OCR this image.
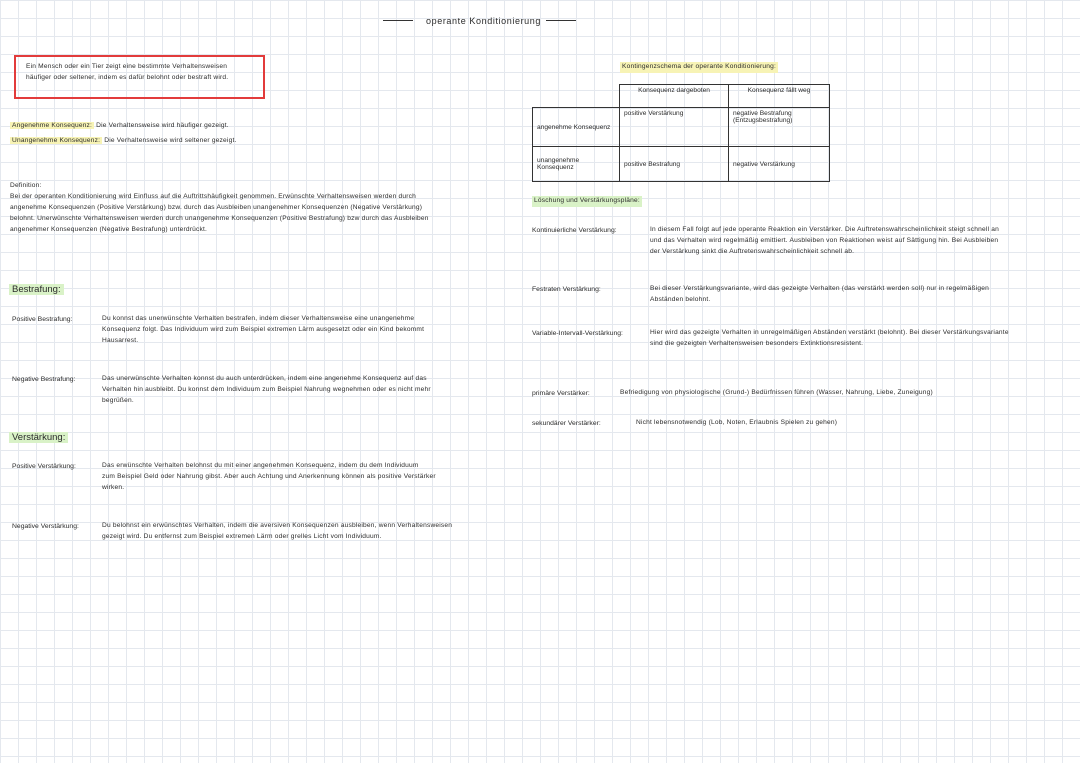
operante Konditionierung
Ein Mensch oder ein Tier zeigt eine bestimmte Verhaltensweisen
häufiger oder seltener, indem es dafür belohnt oder bestraft wird.
Angenehme Konsequenz: Die Verhaltensweise wird häufiger gezeigt.
Unangenehme Konsequenz: Die Verhaltensweise wird seltener gezeigt.
Definition:
Bei der operanten Konditionierung wird Einfluss auf die Auftrittshäufigkeit genommen. Erwünschte Verhaltensweisen werden durch
angenehme Konsequenzen (Positive Verstärkung) bzw. durch das Ausbleiben unangenehmer Konsequenzen (Negative Verstärkung)
belohnt. Unerwünschte Verhaltensweisen werden durch unangenehme Konsequenzen (Positive Bestrafung) bzw durch das Ausbleiben
angenehmer Konsequenzen (Negative Bestrafung) unterdrückt.
Bestrafung:
Positive Bestrafung:	Du konnst das unerwünschte Verhalten bestrafen, indem dieser Verhaltensweise eine unangenehme
Konsequenz folgt. Das Individuum wird zum Beispiel extremen Lärm ausgesetzt oder ein Kind bekommt
Hausarrest.
Negative Bestrafung:	Das unerwünschte Verhalten konnst du auch unterdrücken, indem eine angenehme Konsequenz auf das
Verhalten hin ausbleibt. Du konnst dem Individuum zum Beispiel Nahrung wegnehmen oder es nicht mehr
begrüßen.
Verstärkung:
Positive Verstärkung:	Das erwünschte Verhalten belohnst du mit einer angenehmen Konsequenz, indem du dem Individuum
zum Beispiel Geld oder Nahrung gibst. Aber auch Achtung und Anerkennung können als positive Verstärker
wirken.
Negative Verstärkung:	Du belohnst ein erwünschtes Verhalten, indem die aversiven Konsequenzen ausbleiben, wenn Verhaltensweisen
gezeigt wird. Du entfernst zum Beispiel extremen Lärm oder grelles Licht vom Individuum.
Kontingenzschema der operante Konditionierung:
	Konsequenz dargeboten	Konsequenz fällt weg
angenehme Konsequenz	positive Verstärkung	negative Bestrafung
(Entzugsbestrafung)

unangenehme Konsequenz	positive Bestrafung	negative Verstärkung
Löschung und Verstärkungspläne:
Kontinuierliche Verstärkung:	In diesem Fall folgt auf jede operante Reaktion ein Verstärker. Die Auftretenswahrscheinlichkeit steigt schnell an
und das Verhalten wird regelmäßig emittiert. Ausbleiben von Reaktionen weist auf Sättigung hin. Bei Ausbleiben
der Verstärkung sinkt die Auftretenswahrscheinlichkeit schnell ab.
Festraten Verstärkung:	Bei dieser Verstärkungsvariante, wird das gezeigte Verhalten (das verstärkt werden soll) nur in regelmäßigen
Abständen belohnt.
Variable-Intervall-Verstärkung:	Hier wird das gezeigte Verhalten in unregelmäßigen Abständen verstärkt (belohnt). Bei dieser Verstärkungsvariante
sind die gezeigten Verhaltensweisen besonders Extinktionsresistent.
primäre Verstärker:	Befriedigung von physiologische (Grund-) Bedürfnissen führen (Wasser, Nahrung, Liebe, Zuneigung)
sekundärer Verstärker:	Nicht lebensnotwendig (Lob, Noten, Erlaubnis Spielen zu gehen)
